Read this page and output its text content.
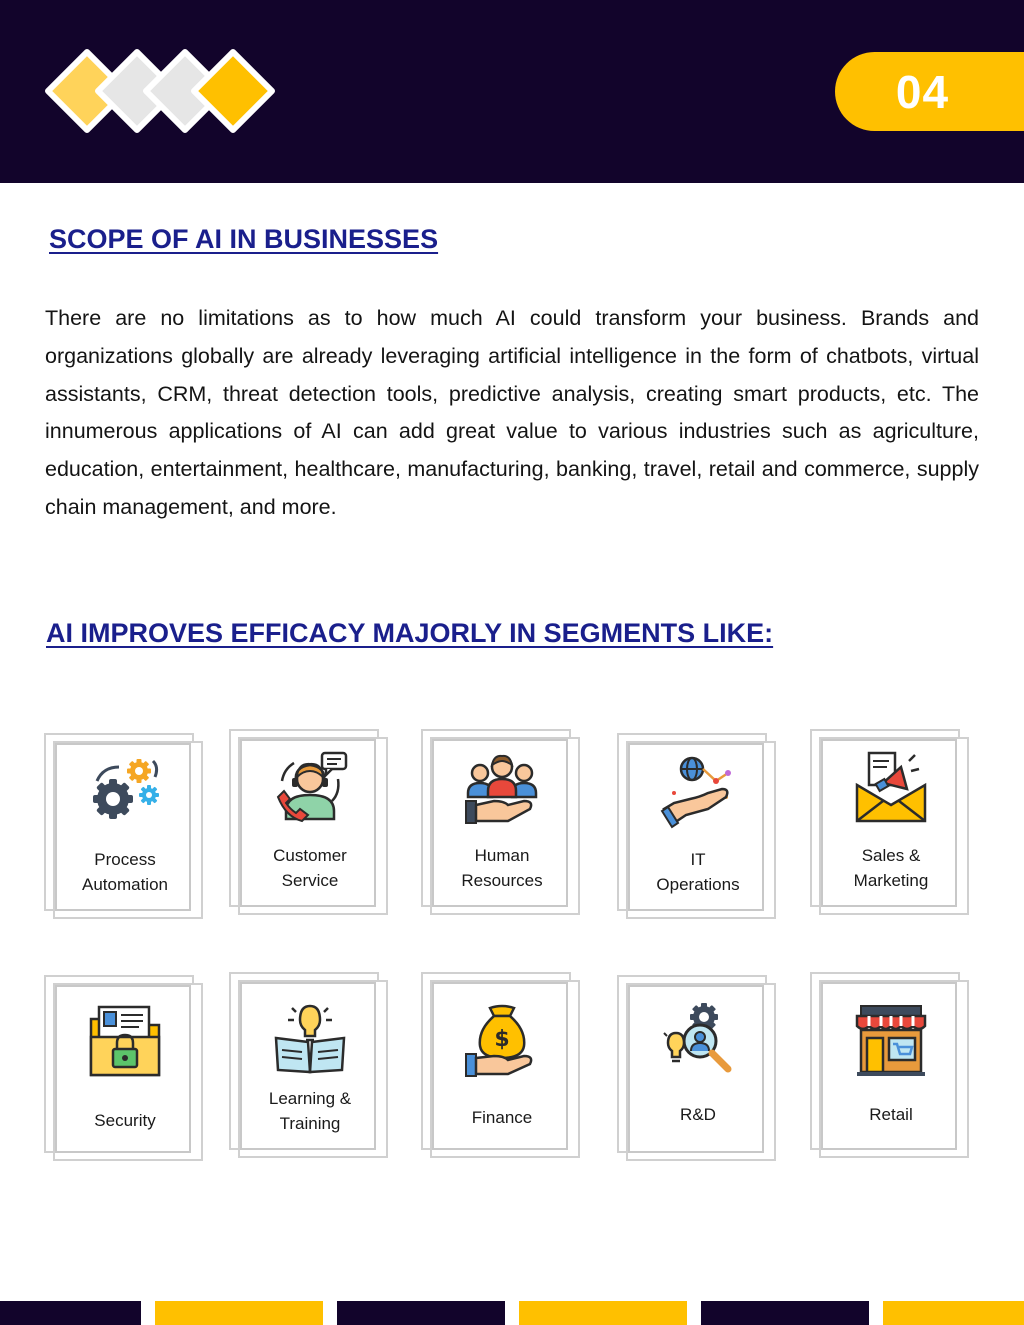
04
SCOPE OF AI IN BUSINESSES

There are no limitations as to how much AI could transform your business. Brands and organizations globally are already leveraging artificial intelligence in the form of chatbots, virtual assistants, CRM, threat detection tools, predictive analysis, creating smart products, etc. The innumerous applications of AI can add great value to various industries such as agriculture, education, entertainment, healthcare, manufacturing, banking, travel, retail and commerce, supply chain management, and more.

AI IMPROVES EFFICACY MAJORLY IN SEGMENTS LIKE:
Process
Automation
Customer
Service
Human
Resources
IT
Operations
Sales &
Marketing
Security
Learning &
Training
$
Finance	R&D	Retail
